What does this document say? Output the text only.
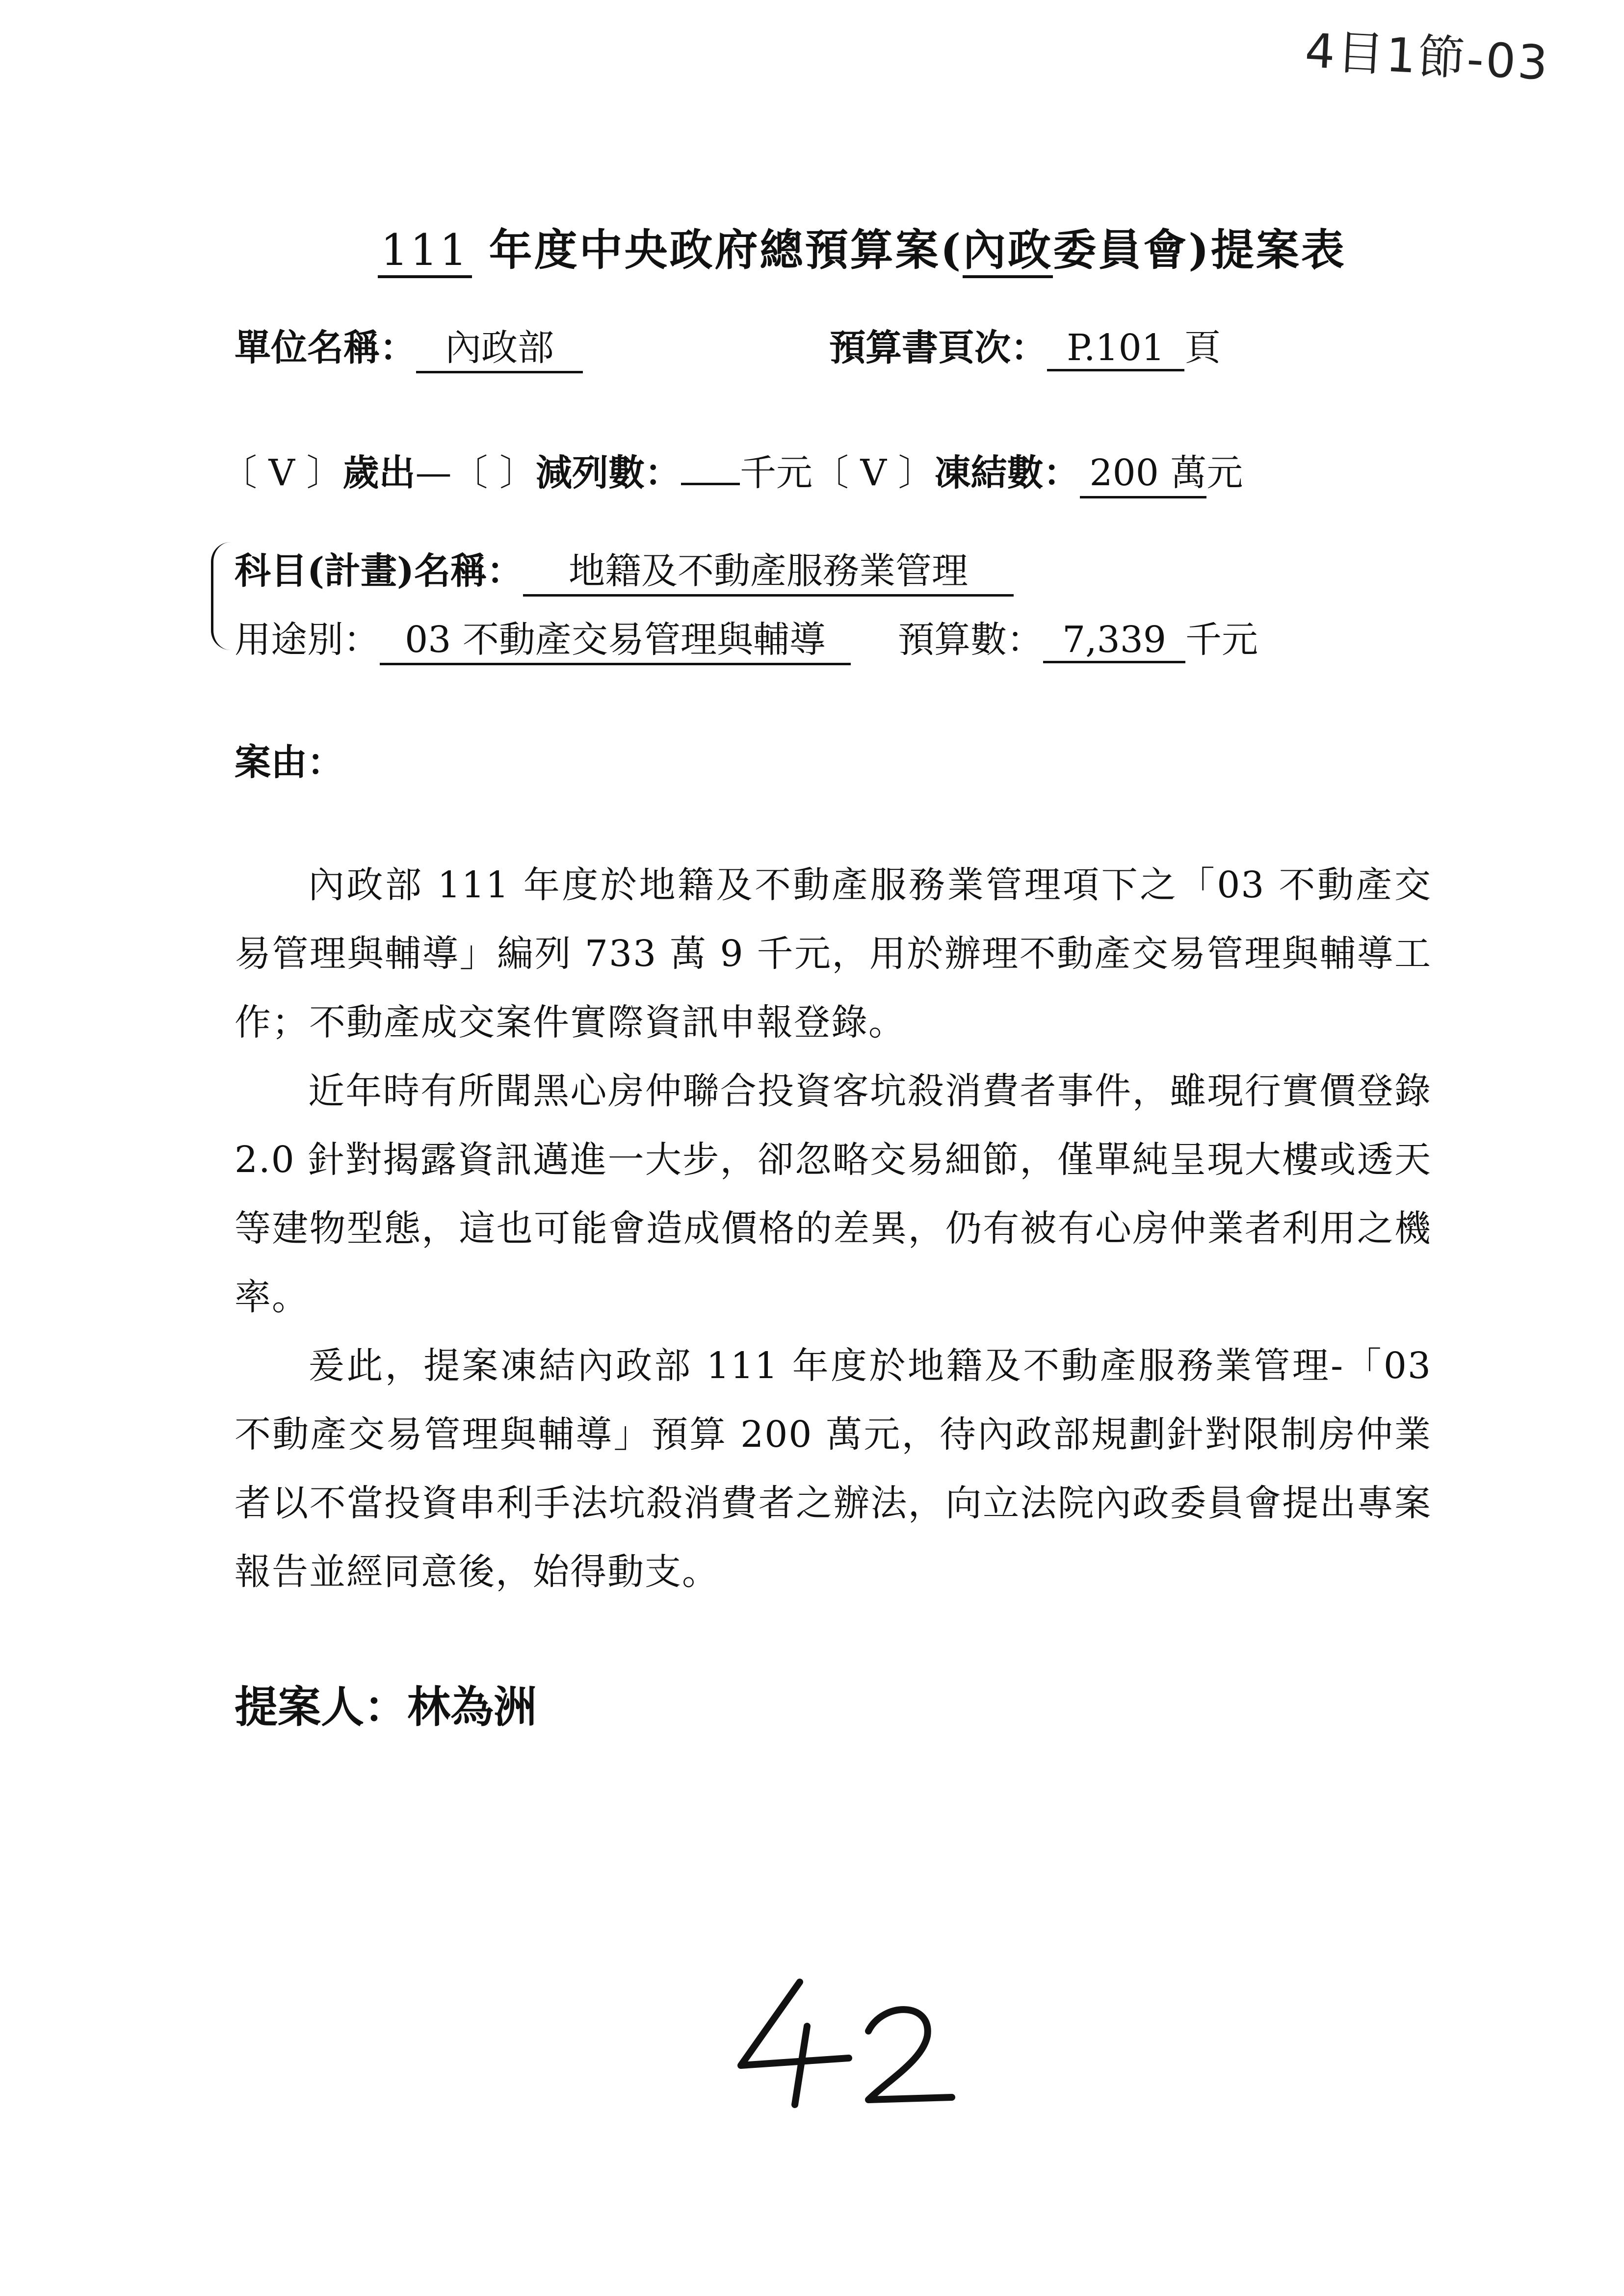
4目1節-03
111 年度中央政府總預算案(內政委員會)提案表
單位名稱： 內政部	預算書頁次： P.101 頁
〔 V 〕歲出—〔 〕減列數： 千元〔 V 〕凍結數： 200 萬元
科目(計畫)名稱： 地籍及不動產服務業管理
用途別： 03 不動產交易管理與輔導	預算數： 7,339 千元
案由：

內政部 111 年度於地籍及不動產服務業管理項下之「03 不動產交易管理與輔導」編列 733 萬 9 千元，用於辦理不動產交易管理與輔導工作；不動產成交案件實際資訊申報登錄。

近年時有所聞黑心房仲聯合投資客坑殺消費者事件，雖現行實價登錄 2.0 針對揭露資訊邁進一大步，卻忽略交易細節，僅單純呈現大樓或透天等建物型態，這也可能會造成價格的差異，仍有被有心房仲業者利用之機率。

爰此，提案凍結內政部 111 年度於地籍及不動產服務業管理-「03 不動產交易管理與輔導」預算 200 萬元，待內政部規劃針對限制房仲業者以不當投資串利手法坑殺消費者之辦法，向立法院內政委員會提出專案報告並經同意後，始得動支。

提案人：林為洲
